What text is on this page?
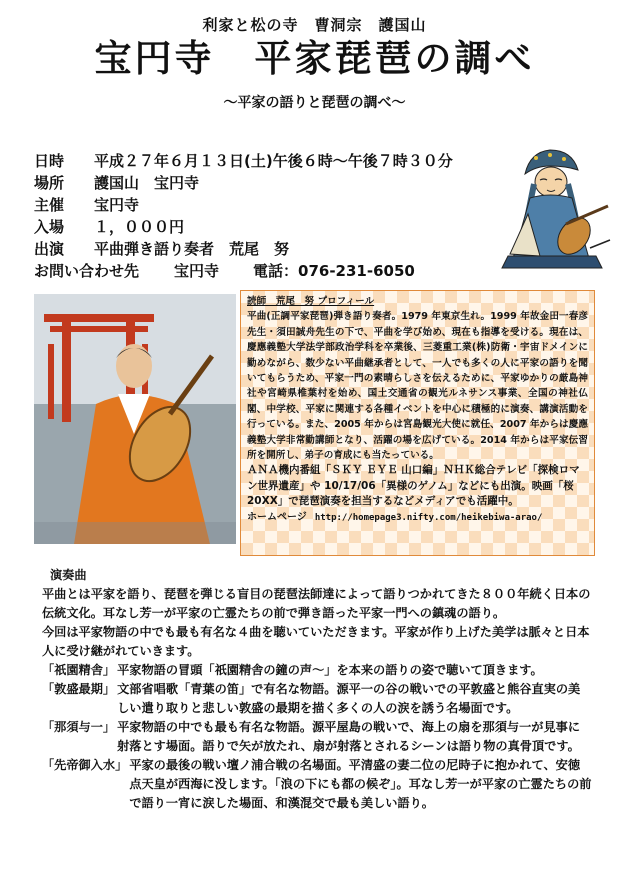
利家と松の寺　曹洞宗　護国山
宝円寺　平家琵琶の調べ
～平家の語りと琵琶の調べ～
日時 平成２７年６月１３日(土)午後６時～午後７時３０分
場所 護国山　宝円寺
主催 宝円寺
入場 １，０００円
出演 平曲弾き語り奏者　荒尾　努
お問い合わせ先 宝円寺 電話：076-231-6050
読師　荒尾　努 プロフィール
平曲(正調平家琵琶)弾き語り奏者。1979 年東京生れ。1999 年故金田一春彦先生・須田誠舟先生の下で、平曲を学び始め、現在も指導を受ける。現在は、慶應義塾大学法学部政治学科を卒業後、三菱重工業(株)防衛・宇宙ドメインに勤めながら、数少ない平曲継承者として、一人でも多くの人に平家の語りを聞いてもらうため、平家一門の素晴らしさを伝えるために、平家ゆかりの厳島神社や宮崎県椎葉村を始め、国土交通省の観光ルネサンス事業、全国の神社仏閣、中学校、平家に関連する各種イベントを中心に積極的に演奏、講演活動を行っている。また、2005 年からは宮島観光大使に就任、2007 年からは慶應義塾大学非常勤講師となり、活躍の場を広げている。2014 年からは平家伝習所を開所し、弟子の育成にも当たっている。
ＡＮＡ機内番組「ＳＫＹ ＥＹＥ 山口編」ＮＨＫ総合テレビ「探検ロマン世界遺産」や 10/17/06「異様のゲノム」などにも出演。映画「桜 20XX」で琵琶演奏を担当するなどメディアでも活躍中。
ホームページ http://homepage3.nifty.com/heikebiwa-arao/
演奏曲
平曲とは平家を語り、琵琶を弾じる盲目の琵琶法師達によって語りつかれてきた８００年続く日本の伝統文化。耳なし芳一が平家の亡霊たちの前で弾き語った平家一門への鎮魂の語り。
今回は平家物語の中でも最も有名な４曲を聴いていただきます。平家が作り上げた美学は脈々と日本人に受け継がれていきます。
「祇園精舎」 平家物語の冒頭「祇園精舎の鐘の声～」を本来の語りの姿で聴いて頂きます。
「敦盛最期」 文部省唱歌「青葉の笛」で有名な物語。源平一の谷の戦いでの平敦盛と熊谷直実の美しい遣り取りと悲しい敦盛の最期を描く多くの人の涙を誘う名場面です。
「那須与一」 平家物語の中でも最も有名な物語。源平屋島の戦いで、海上の扇を那須与一が見事に射落とす場面。語りで矢が放たれ、扇が射落とされるシーンは語り物の真骨頂です。
「先帝御入水」 平家の最後の戦い壇ノ浦合戦の名場面。平清盛の妻二位の尼時子に抱かれて、安徳点天皇が西海に没します。「浪の下にも都の候ぞ」。耳なし芳一が平家の亡霊たちの前で語り一宵に涙した場面、和漢混交で最も美しい語り。
